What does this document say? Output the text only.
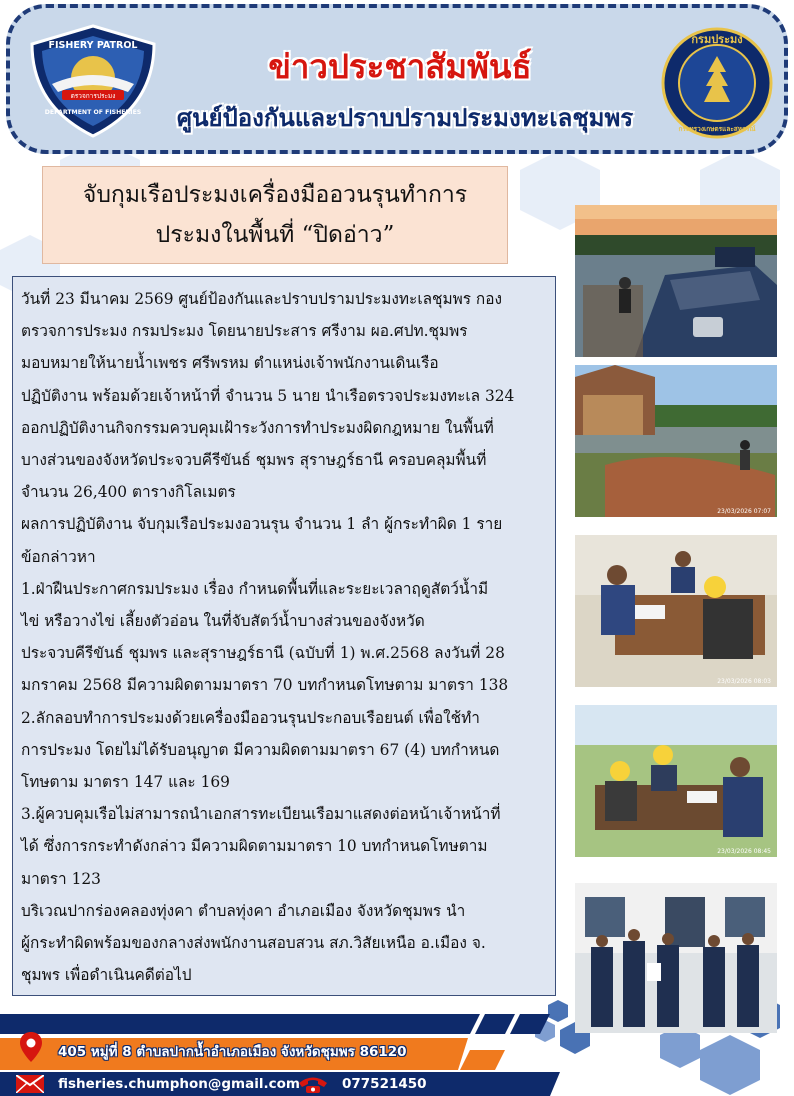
ตรวจการประมง
FISHERY PATROL
DEPARTMENT OF FISHERIES
ข่าวประชาสัมพันธ์
ศูนย์ป้องกันและปราบปรามประมงทะเลชุมพร
กรมประมง
กระทรวงเกษตรและสหกรณ์
จับกุมเรือประมงเครื่องมืออวนรุนทำการ
ประมงในพื้นที่ “ปิดอ่าว”

วันที่ 23 มีนาคม 2569 ศูนย์ป้องกันและปราบปรามประมงทะเลชุมพร กอง

ตรวจการประมง กรมประมง โดยนายประสาร ศรีงาม ผอ.ศปท.ชุมพร

มอบหมายให้นายน้ำเพชร ศรีพรหม ตำแหน่งเจ้าพนักงานเดินเรือ

ปฏิบัติงาน พร้อมด้วยเจ้าหน้าที่ จำนวน 5 นาย นำเรือตรวจประมงทะเล 324

ออกปฏิบัติงานกิจกรรมควบคุมเฝ้าระวังการทำประมงผิดกฎหมาย ในพื้นที่

บางส่วนของจังหวัดประจวบคีรีขันธ์ ชุมพร สุราษฎร์ธานี ครอบคลุมพื้นที่

จำนวน 26,400 ตารางกิโลเมตร

ผลการปฏิบัติงาน จับกุมเรือประมงอวนรุน จำนวน 1 ลำ ผู้กระทำผิด 1 ราย

ข้อกล่าวหา

1.ฝ่าฝืนประกาศกรมประมง เรื่อง กำหนดพื้นที่และระยะเวลาฤดูสัตว์น้ำมี

ไข่ หรือวางไข่ เลี้ยงตัวอ่อน ในที่จับสัตว์น้ำบางส่วนของจังหวัด

ประจวบคีรีขันธ์ ชุมพร และสุราษฎร์ธานี (ฉบับที่ 1) พ.ศ.2568 ลงวันที่ 28

มกราคม 2568 มีความผิดตามมาตรา 70 บทกำหนดโทษตาม มาตรา 138

2.ลักลอบทำการประมงด้วยเครื่องมืออวนรุนประกอบเรือยนต์ เพื่อใช้ทำ

การประมง โดยไม่ได้รับอนุญาต มีความผิดตามมาตรา 67 (4) บทกำหนด

โทษตาม มาตรา 147 และ 169

3.ผู้ควบคุมเรือไม่สามารถนำเอกสารทะเบียนเรือมาแสดงต่อหน้าเจ้าหน้าที่

ได้ ซึ่งการกระทำดังกล่าว มีความผิดตามมาตรา 10 บทกำหนดโทษตาม

มาตรา 123

บริเวณปากร่องคลองทุ่งคา ตำบลทุ่งคา อำเภอเมือง จังหวัดชุมพร นำ

ผู้กระทำผิดพร้อมของกลางส่งพนักงานสอบสวน สภ.วิสัยเหนือ อ.เมือง จ.

ชุมพร เพื่อดำเนินคดีต่อไป

23/03/2026 07:07
23/03/2026 08:03
23/03/2026 08:45
405 หมู่ที่ 8 ตำบลปากน้ำอำเภอเมือง จังหวัดชุมพร 86120
fisheries.chumphon@gmail.com	077521450
